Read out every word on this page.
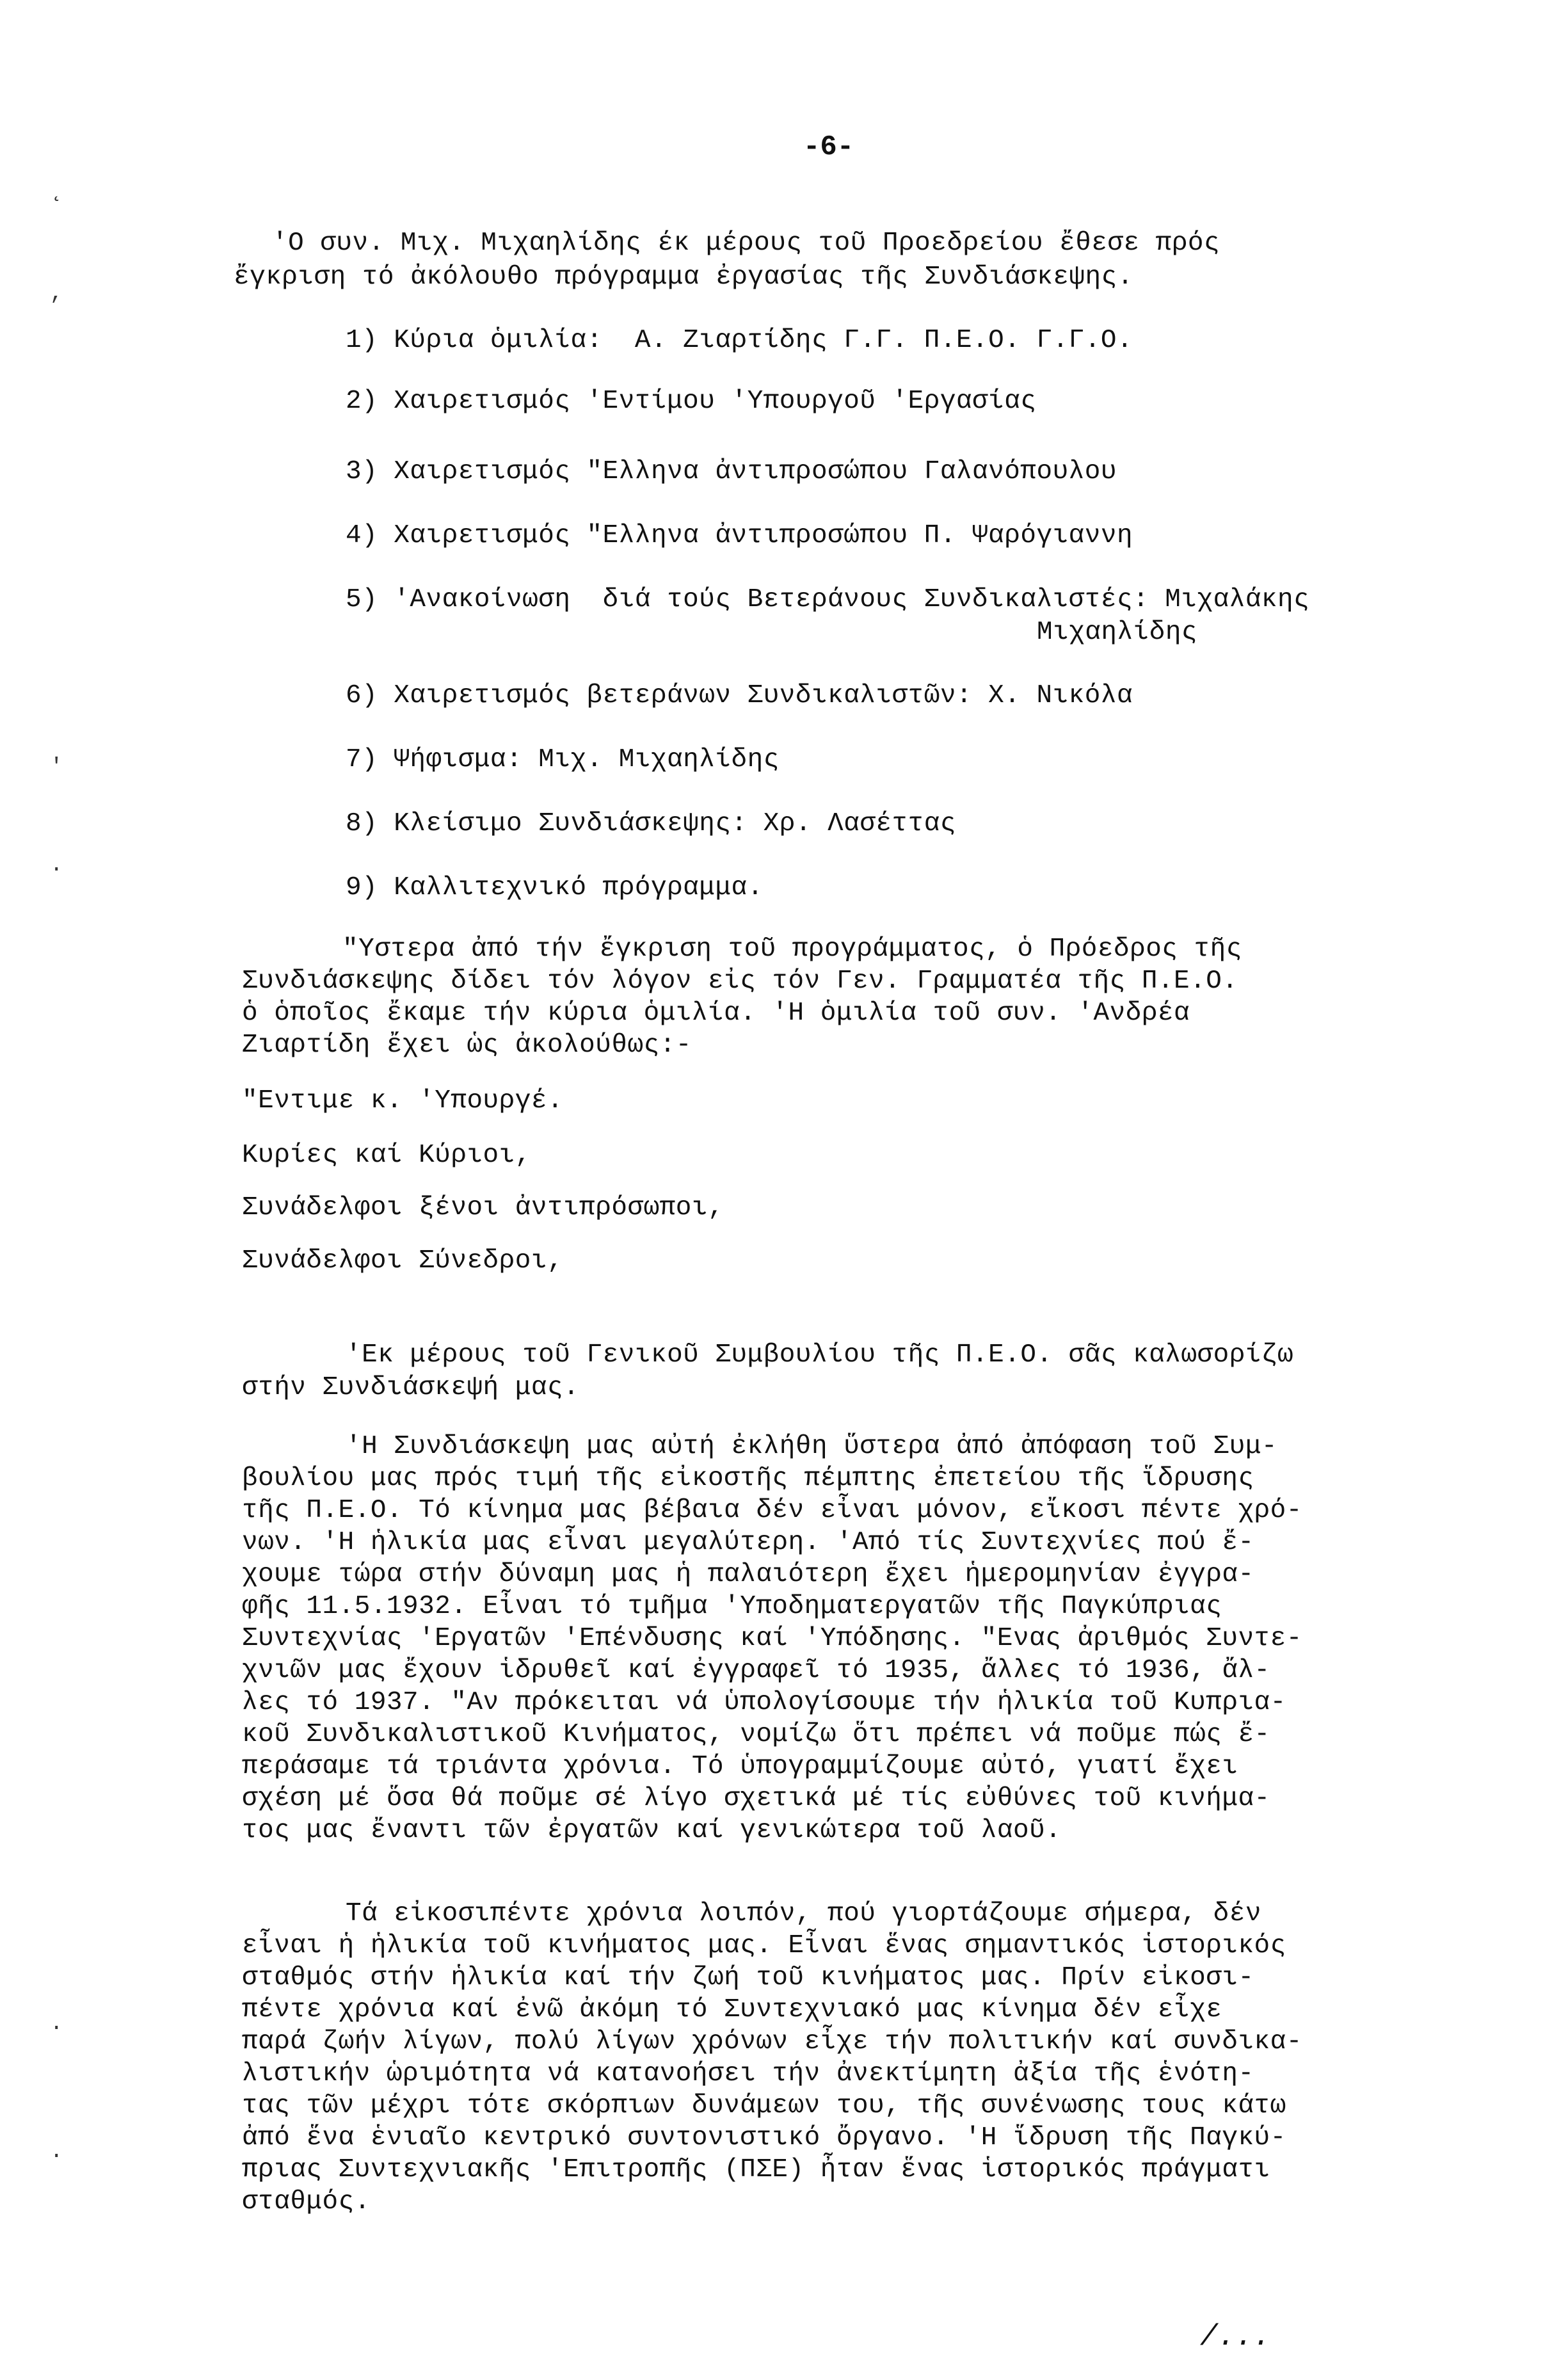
-6-
'Ο συν. Μιχ. Μιχαηλίδης έκ μέρους τοῦ Προεδρείου ἔθεσε πρός
ἔγκριση τό ἀκόλουθο πρόγραμμα ἐργασίας τῆς Συνδιάσκεψης.
1) Κύρια ὁμιλία:  Α. Ζιαρτίδης Γ.Γ. Π.Ε.Ο. Γ.Γ.Ο.
2) Χαιρετισμός 'Εντίμου 'Υπουργοῦ 'Εργασίας
3) Χαιρετισμός "Ελληνα ἀντιπροσώπου Γαλανόπουλου
4) Χαιρετισμός "Ελληνα ἀντιπροσώπου Π. Ψαρόγιαννη
5) 'Ανακοίνωση  διά τούς Βετεράνους Συνδικαλιστές: Μιχαλάκης
Μιχαηλίδης
6) Χαιρετισμός βετεράνων Συνδικαλιστῶν: Χ. Νικόλα
7) Ψήφισμα: Μιχ. Μιχαηλίδης
8) Κλείσιμο Συνδιάσκεψης: Χρ. Λασέττας
9) Καλλιτεχνικό πρόγραμμα.
"Υστερα ἀπό τήν ἔγκριση τοῦ προγράμματος, ὁ Πρόεδρος τῆς
Συνδιάσκεψης δίδει τόν λόγον εἰς τόν Γεν. Γραμματέα τῆς Π.Ε.Ο.
ὁ ὁποῖος ἔκαμε τήν κύρια ὁμιλία. 'Η ὁμιλία τοῦ συν. 'Ανδρέα
Ζιαρτίδη ἔχει ὡς ἀκολούθως:-
"Εντιμε κ. 'Υπουργέ.
Κυρίες καί Κύριοι,
Συνάδελφοι ξένοι ἀντιπρόσωποι,
Συνάδελφοι Σύνεδροι,
'Εκ μέρους τοῦ Γενικοῦ Συμβουλίου τῆς Π.Ε.Ο. σᾶς καλωσορίζω
στήν Συνδιάσκεψή μας.
'Η Συνδιάσκεψη μας αὐτή ἐκλήθη ὕστερα ἀπό ἀπόφαση τοῦ Συμ-
βουλίου μας πρός τιμή τῆς εἰκοστῆς πέμπτης ἐπετείου τῆς ἵδρυσης
τῆς Π.Ε.Ο. Τό κίνημα μας βέβαια δέν εἶναι μόνον, εἴκοσι πέντε χρό-
νων. 'Η ἡλικία μας εἶναι μεγαλύτερη. 'Από τίς Συντεχνίες πού ἔ-
χουμε τώρα στήν δύναμη μας ἡ παλαιότερη ἔχει ἡμερομηνίαν ἐγγρα-
φῆς 11.5.1932. Εἶναι τό τμῆμα 'Υποδηματεργατῶν τῆς Παγκύπριας
Συντεχνίας 'Εργατῶν 'Επένδυσης καί 'Υπόδησης. "Ενας ἀριθμός Συντε-
χνιῶν μας ἔχουν ἱδρυθεῖ καί ἐγγραφεῖ τό 1935, ἄλλες τό 1936, ἄλ-
λες τό 1937. "Αν πρόκειται νά ὑπολογίσουμε τήν ἡλικία τοῦ Κυπρια-
κοῦ Συνδικαλιστικοῦ Κινήματος, νομίζω ὅτι πρέπει νά ποῦμε πώς ἔ-
περάσαμε τά τριάντα χρόνια. Τό ὑπογραμμίζουμε αὐτό, γιατί ἔχει
σχέση μέ ὅσα θά ποῦμε σέ λίγο σχετικά μέ τίς εὐθύνες τοῦ κινήμα-
τος μας ἔναντι τῶν ἐργατῶν καί γενικώτερα τοῦ λαοῦ.
Τά εἰκοσιπέντε χρόνια λοιπόν, πού γιορτάζουμε σήμερα, δέν
εἶναι ἡ ἡλικία τοῦ κινήματος μας. Εἶναι ἕνας σημαντικός ἱστορικός
σταθμός στήν ἡλικία καί τήν ζωή τοῦ κινήματος μας. Πρίν εἰκοσι-
πέντε χρόνια καί ἐνῶ ἀκόμη τό Συντεχνιακό μας κίνημα δέν εἶχε
παρά ζωήν λίγων, πολύ λίγων χρόνων εἶχε τήν πολιτικήν καί συνδικα-
λιστικήν ὡριμότητα νά κατανοήσει τήν ἀνεκτίμητη ἀξία τῆς ἑνότη-
τας τῶν μέχρι τότε σκόρπιων δυνάμεων του, τῆς συνένωσης τους κάτω
ἀπό ἕνα ἑνιαῖο κεντρικό συντονιστικό ὄργανο. 'Η ἵδρυση τῆς Παγκύ-
πριας Συντεχνιακῆς 'Επιτροπῆς (ΠΣΕ) ἦταν ἕνας ἱστορικός πράγματι
σταθμός.
/...
˛
,
'
·
·
·
